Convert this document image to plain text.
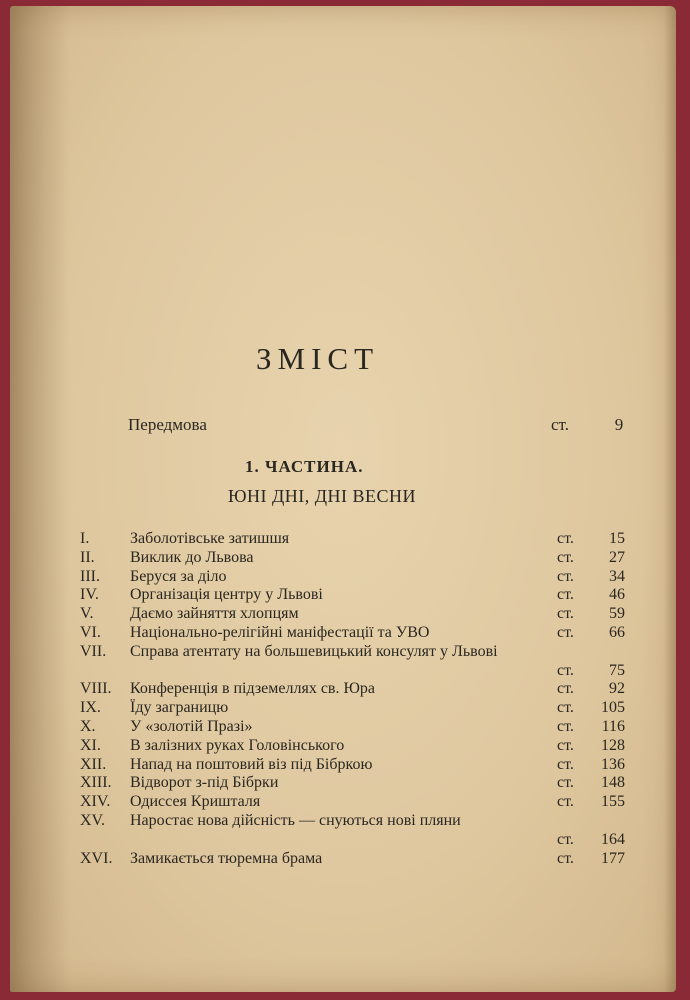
ЗМІСТ
Передмова	ст.	9
1. ЧАСТИНА.
ЮНІ ДНІ, ДНІ ВЕСНИ
I.	Заболотівське затишшя	ст. 15
II. Виклик до Львова	ст. 27
III. Беруся за діло	ст. 34
IV. Організація центру у Львові	ст. 46
V. Даємо зайняття хлопцям	ст. 59
VI. Національно-релігійні маніфестації та УВО	ст. 66
VII. Справа атентату на большевицький консулят у Львові
ст. 75
VIII. Конференція в підземеллях св. Юра	ст. 92
IX. Їду заграницю	ст. 105
X. У «золотій Празі»	ст. 116
XI. В залізних руках Головінського	ст. 128
XII. Напад на поштовий віз під Бібркою	ст. 136
XIII. Відворот з-під Бібрки	ст. 148
XIV. Одиссея Кришталя	ст. 155
XV. Наростає нова дійсність — снуються нові пляни
ст. 164
XVI. Замикається тюремна брама	ст. 177
